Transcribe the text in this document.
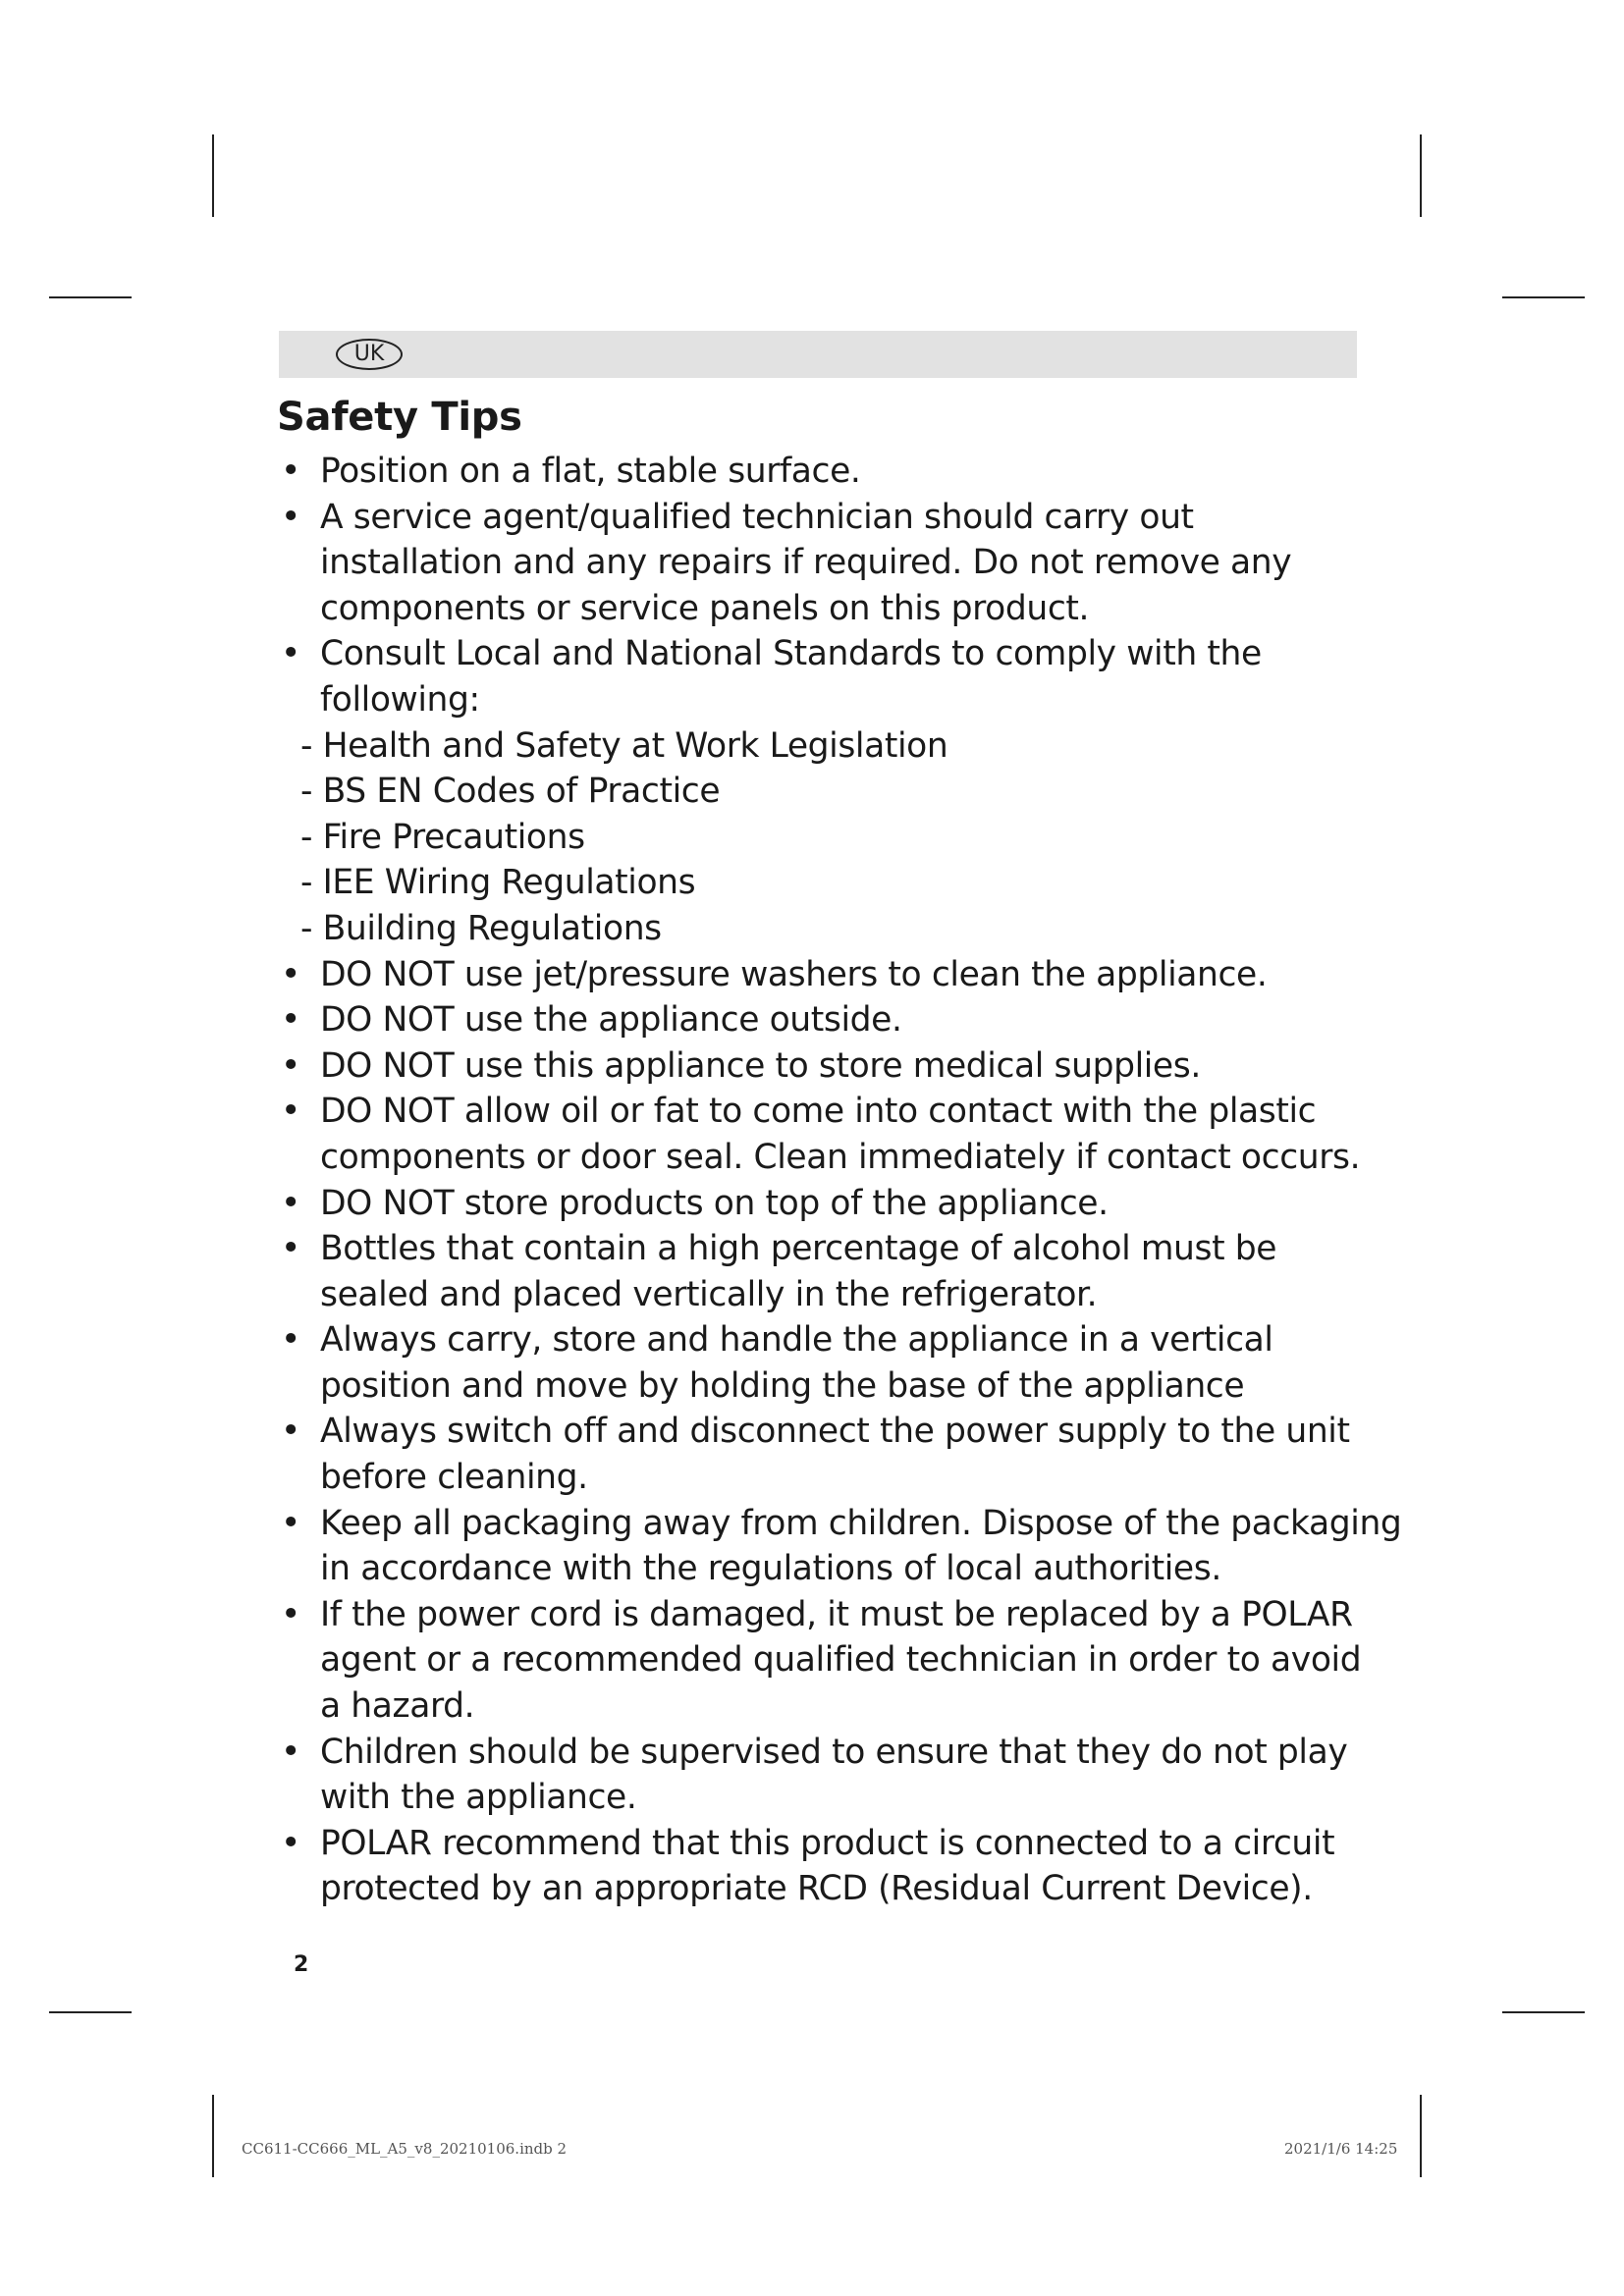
UK
Safety Tips
• Position on a flat, stable surface.
• A service agent/qualified technician should carry out
installation and any repairs if required. Do not remove any
components or service panels on this product.
• Consult Local and National Standards to comply with the
following:
- Health and Safety at Work Legislation
- BS EN Codes of Practice
- Fire Precautions
- IEE Wiring Regulations
- Building Regulations
• DO NOT use jet/pressure washers to clean the appliance.
• DO NOT use the appliance outside.
• DO NOT use this appliance to store medical supplies.
• DO NOT allow oil or fat to come into contact with the plastic
components or door seal. Clean immediately if contact occurs.
• DO NOT store products on top of the appliance.
• Bottles that contain a high percentage of alcohol must be
sealed and placed vertically in the refrigerator.
• Always carry, store and handle the appliance in a vertical
position and move by holding the base of the appliance
• Always switch off and disconnect the power supply to the unit
before cleaning.
• Keep all packaging away from children. Dispose of the packaging
in accordance with the regulations of local authorities.
• If the power cord is damaged, it must be replaced by a POLAR
agent or a recommended qualified technician in order to avoid
a hazard.
• Children should be supervised to ensure that they do not play
with the appliance.
• POLAR recommend that this product is connected to a circuit
protected by an appropriate RCD (Residual Current Device).
2
CC611-CC666_ML_A5_v8_20210106.indb 2	2021/1/6 14:25
